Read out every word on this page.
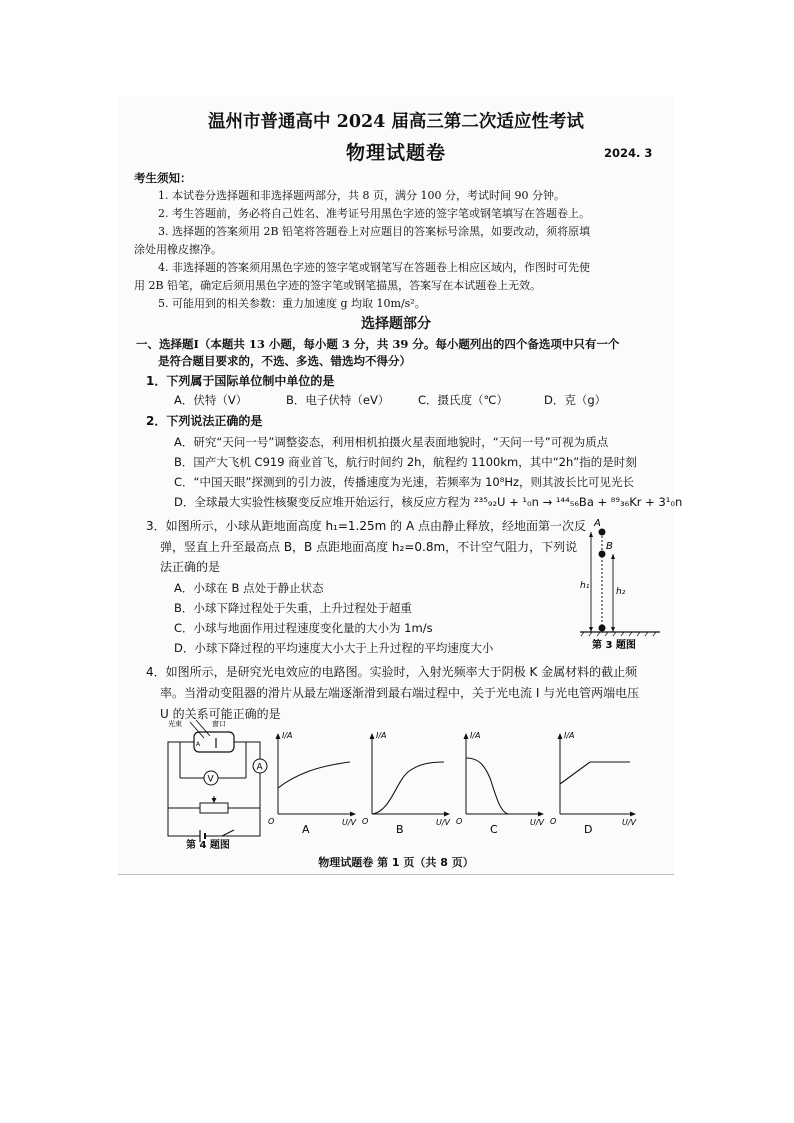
温州市普通高中 2024 届高三第二次适应性考试
物理试题卷	2024. 3
考生须知：
1. 本试卷分选择题和非选择题两部分，共 8 页，满分 100 分，考试时间 90 分钟。
2. 考生答题前，务必将自己姓名、准考证号用黑色字迹的签字笔或钢笔填写在答题卷上。
3. 选择题的答案须用 2B 铅笔将答题卷上对应题目的答案标号涂黑，如要改动，须将原填
涂处用橡皮擦净。
4. 非选择题的答案须用黑色字迹的签字笔或钢笔写在答题卷上相应区域内，作图时可先使
用 2B 铅笔，确定后须用黑色字迹的签字笔或钢笔描黑，答案写在本试题卷上无效。
5. 可能用到的相关参数：重力加速度 g 均取 10m/s²。
选择题部分
一、选择题Ⅰ（本题共 13 小题，每小题 3 分，共 39 分。每小题列出的四个备选项中只有一个
是符合题目要求的，不选、多选、错选均不得分）
1．下列属于国际单位制中单位的是
A．伏特（V）	B．电子伏特（eV） C．摄氏度（℃）	D．克（g）
2．下列说法正确的是
A．研究“天问一号”调整姿态，利用相机拍摄火星表面地貌时，“天问一号”可视为质点
B．国产大飞机 C919 商业首飞，航行时间约 2h，航程约 1100km，其中“2h”指的是时刻
C．“中国天眼”探测到的引力波，传播速度为光速，若频率为 10⁸Hz，则其波长比可见光长
D．全球最大实验性核聚变反应堆开始运行，核反应方程为 ²³⁵₉₂U + ¹₀n → ¹⁴⁴₅₆Ba + ⁸⁹₃₆Kr + 3¹₀n
3．如图所示，小球从距地面高度 h₁=1.25m 的 A 点由静止释放，经地面第一次反
弹，竖直上升至最高点 B，B 点距地面高度 h₂=0.8m，不计空气阻力，下列说
法正确的是
A．小球在 B 点处于静止状态
B．小球下降过程处于失重，上升过程处于超重
C．小球与地面作用过程速度变化量的大小为 1m/s
D．小球下降过程的平均速度大小大于上升过程的平均速度大小
A
B
h₁
h₂
第 3 题图
4．如图所示，是研究光电效应的电路图。实验时，入射光频率大于阴极 K 金属材料的截止频
率。当滑动变阻器的滑片从最左端逐渐滑到最右端过程中，关于光电流 I 与光电管两端电压
U 的关系可能正确的是
光束	窗口
A
V
A
第 4 题图
I/A
O	U/V
A
I/A
O	U/V
B
I/A
O	U/V
C
I/A
O	U/V
D
物理试题卷 第 1 页（共 8 页）
